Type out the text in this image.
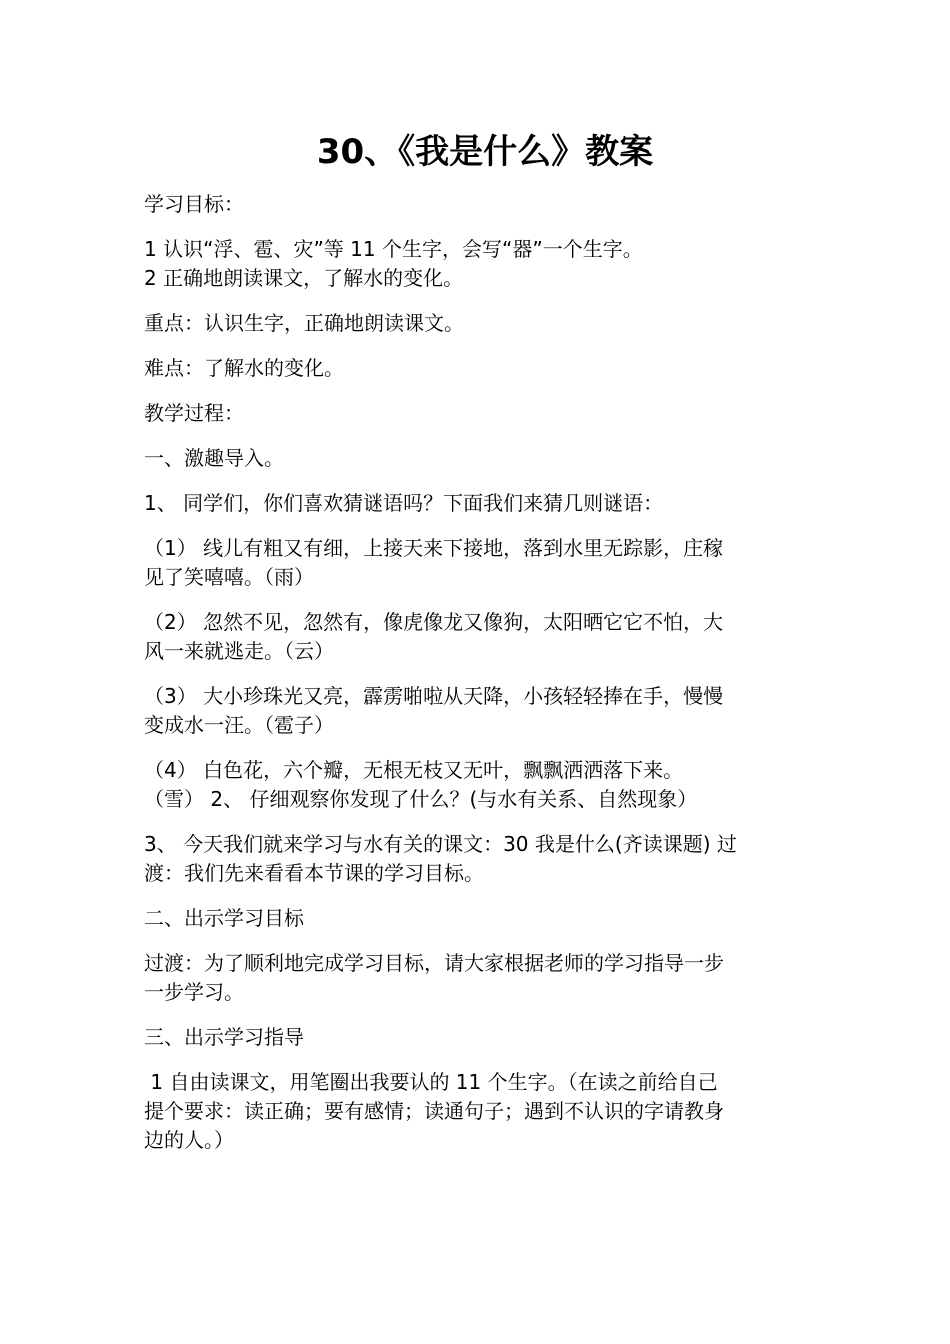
30、《我是什么》教案
学习目标：
1 认识“浮、雹、灾”等 11 个生字，会写“器”一个生字。
2 正确地朗读课文，了解水的变化。
重点：认识生字，正确地朗读课文。
难点：了解水的变化。
教学过程：
一、激趣导入。
1、 同学们，你们喜欢猜谜语吗？下面我们来猜几则谜语：
（1） 线儿有粗又有细，上接天来下接地，落到水里无踪影，庄稼
见了笑嘻嘻。（雨）
（2） 忽然不见，忽然有，像虎像龙又像狗，太阳晒它它不怕，大
风一来就逃走。（云）
（3） 大小珍珠光又亮，霹雳啪啦从天降，小孩轻轻捧在手，慢慢
变成水一汪。（雹子）
（4） 白色花，六个瓣，无根无枝又无叶，飘飘洒洒落下来。
（雪） 2、 仔细观察你发现了什么？(与水有关系、自然现象）
3、 今天我们就来学习与水有关的课文：30 我是什么(齐读课题) 过
渡：我们先来看看本节课的学习目标。
二、出示学习目标
过渡：为了顺利地完成学习目标，请大家根据老师的学习指导一步
一步学习。
三、出示学习指导
1 自由读课文，用笔圈出我要认的 11 个生字。（在读之前给自己
提个要求：读正确；要有感情；读通句子；遇到不认识的字请教身
边的人。）
